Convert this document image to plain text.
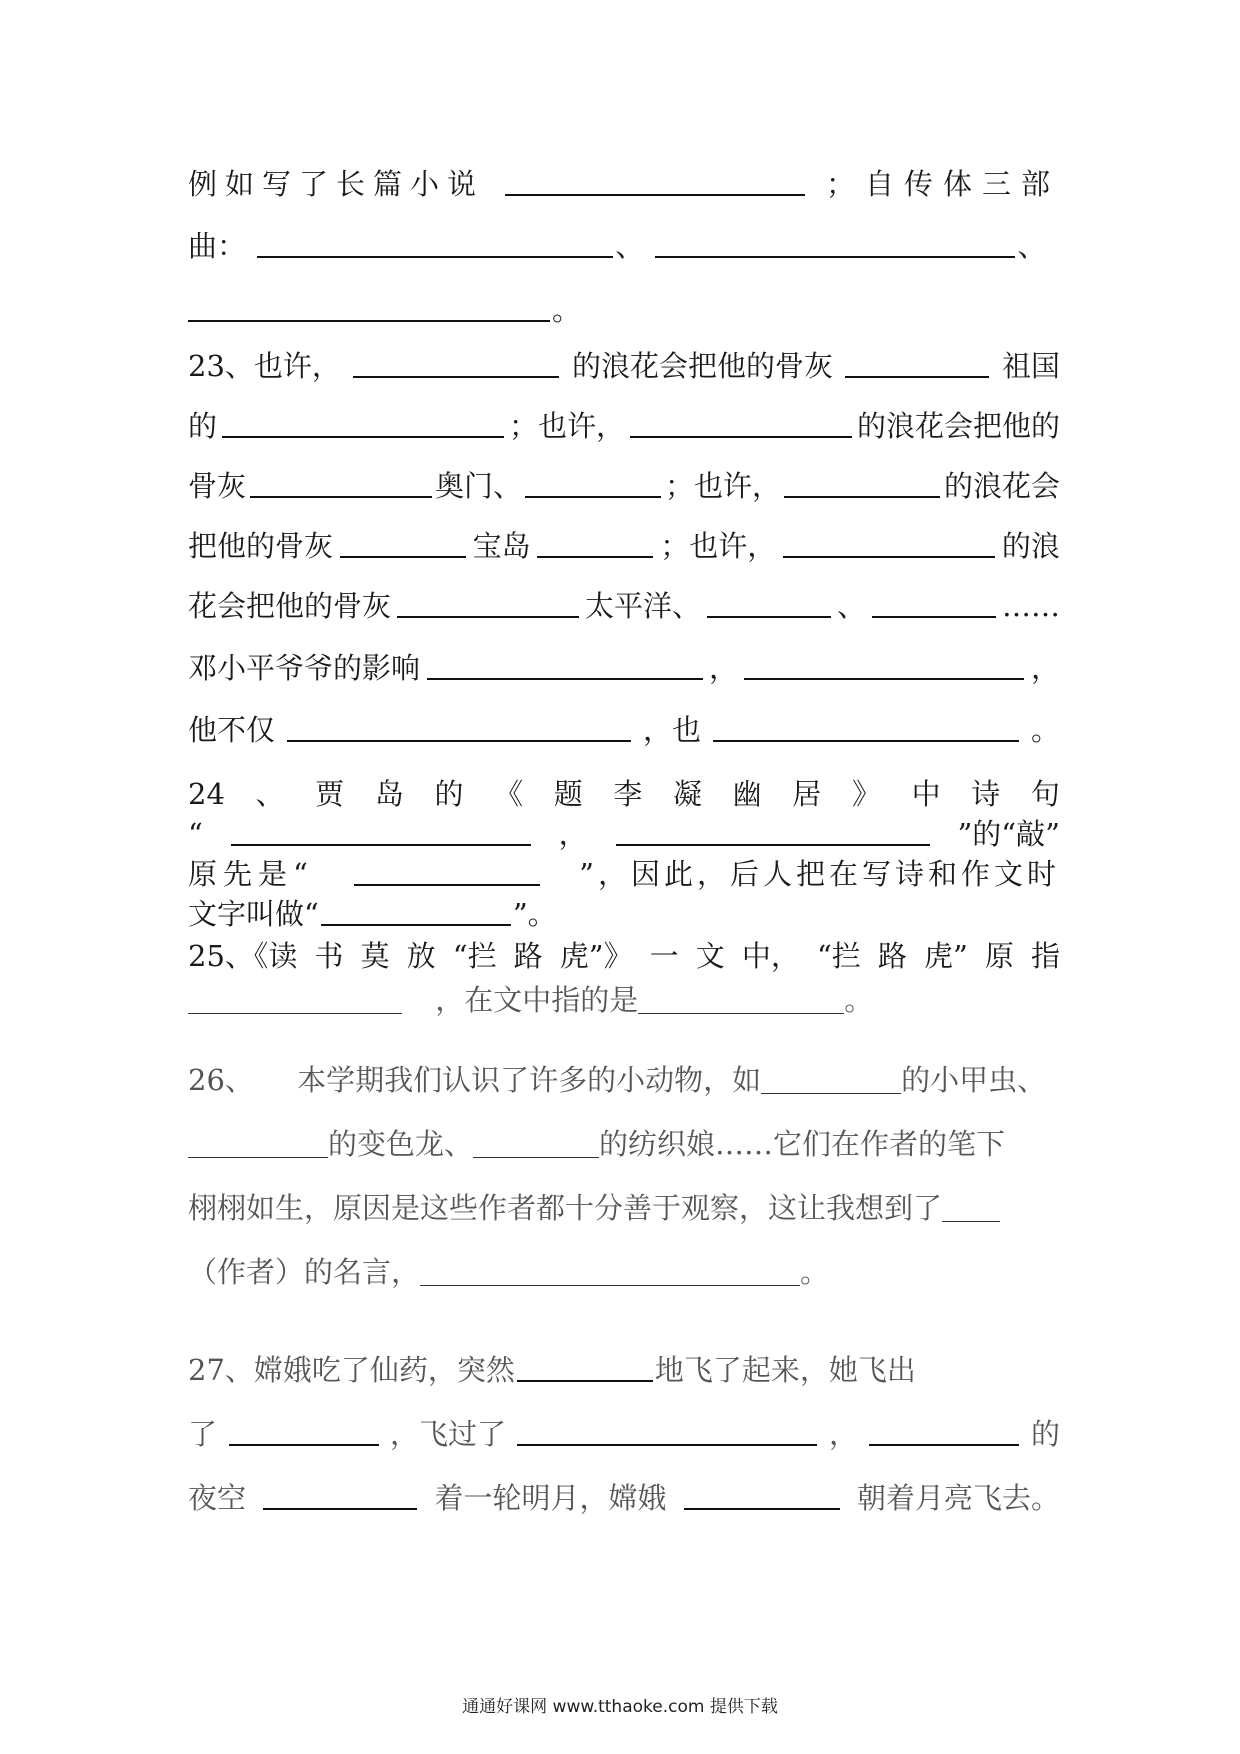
例如写了长篇小说	；自传体三部
曲：	、	、
。
23、也许，	的浪花会把他的骨灰	祖国
的	；也许，	的浪花会把他的
骨灰	奥门、	；也许，	的浪花会
把他的骨灰	宝岛	；也许，	的浪
花会把他的骨灰	太平洋、	、	……
邓小平爷爷的影响	，	，
他不仅	，也	。
24 、 贾 岛 的 《 题 李 凝 幽 居 》 中 诗 句
“	，	”的“敲”
原先是“	”，因此，后人把在写诗和作文时
文字叫做“	”。
25、《读 书 莫 放 “拦 路 虎”》 一 文 中， “拦 路 虎” 原 指
，在文中指的是	。
26、 本学期我们认识了许多的小动物，如	的小甲虫、
的变色龙、	的纺织娘……它们在作者的笔下
栩栩如生，原因是这些作者都十分善于观察，这让我想到了
（作者）的名言，	。
27、嫦娥吃了仙药，突然	地飞了起来，她飞出
了	，飞过了	，	的
夜空	着一轮明月，嫦娥	朝着月亮飞去。
通通好课网 www.tthaoke.com 提供下载
